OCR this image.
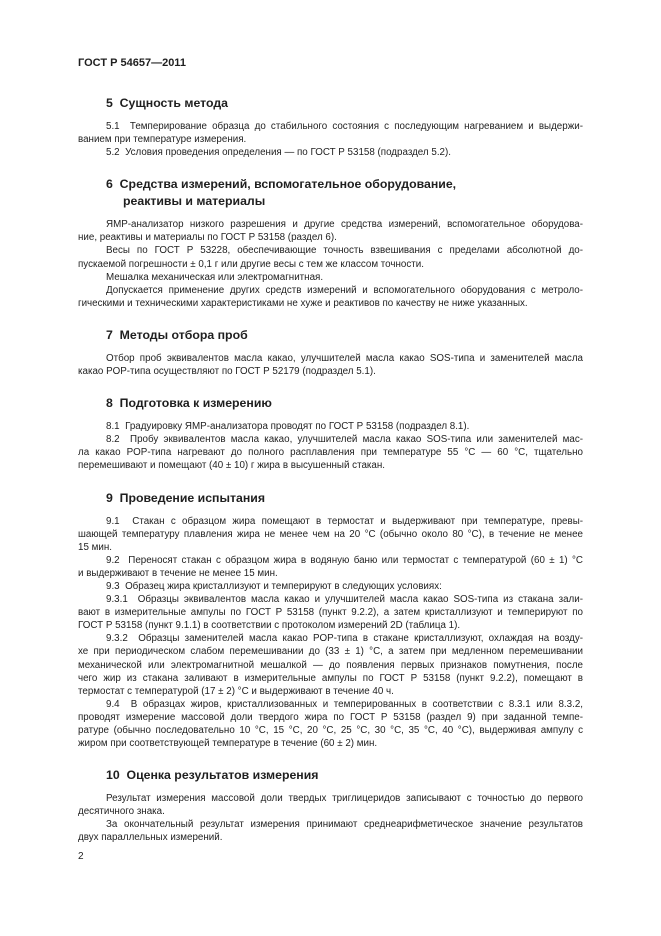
ГОСТ Р 54657—2011
5  Сущность метода
5.1  Темперирование образца до стабильного состояния с последующим нагреванием и выдержи-
ванием при температуре измерения.
5.2  Условия проведения определения — по ГОСТ Р 53158 (подраздел 5.2).
6  Средства измерений, вспомогательное оборудование,
реактивы и материалы
ЯМР-анализатор низкого разрешения и другие средства измерений, вспомогательное оборудова-
ние, реактивы и материалы по ГОСТ Р 53158 (раздел 6).
Весы по ГОСТ Р 53228, обеспечивающие точность взвешивания с пределами абсолютной до-
пускаемой погрешности ± 0,1 г или другие весы с тем же классом точности.
Мешалка механическая или электромагнитная.
Допускается применение других средств измерений и вспомогательного оборудования с метроло-
гическими и техническими характеристиками не хуже и реактивов по качеству не ниже указанных.
7  Методы отбора проб
Отбор проб эквивалентов масла какао, улучшителей масла какао SOS-типа и заменителей масла
какао POP-типа осуществляют по ГОСТ Р 52179 (подраздел 5.1).
8  Подготовка к измерению
8.1  Градуировку ЯМР-анализатора проводят по ГОСТ Р 53158 (подраздел 8.1).
8.2  Пробу эквивалентов масла какао, улучшителей масла какао SOS-типа или заменителей мас-
ла какао POP-типа нагревают до полного расплавления при температуре 55 °С — 60 °С, тщательно
перемешивают и помещают (40 ± 10) г жира в высушенный стакан.
9  Проведение испытания
9.1  Стакан с образцом жира помещают в термостат и выдерживают при температуре, превы-
шающей температуру плавления жира не менее чем на 20 °С (обычно около 80 °С), в течение не менее
15 мин.
9.2  Переносят стакан с образцом жира в водяную баню или термостат с температурой (60 ± 1) °С
и выдерживают в течение не менее 15 мин.
9.3  Образец жира кристаллизуют и темперируют в следующих условиях:
9.3.1  Образцы эквивалентов масла какао и улучшителей масла какао SOS-типа из стакана зали-
вают в измерительные ампулы по ГОСТ Р 53158 (пункт 9.2.2), а затем кристаллизуют и темперируют по
ГОСТ Р 53158 (пункт 9.1.1) в соответствии с протоколом измерений 2D (таблица 1).
9.3.2  Образцы заменителей масла какао POP-типа в стакане кристаллизуют, охлаждая на возду-
хе при периодическом слабом перемешивании до (33 ± 1) °С, а затем при медленном перемешивании
механической или электромагнитной мешалкой — до появления первых признаков помутнения, после
чего жир из стакана заливают в измерительные ампулы по ГОСТ Р 53158 (пункт 9.2.2), помещают в
термостат с температурой (17 ± 2) °С и выдерживают в течение 40 ч.
9.4  В образцах жиров, кристаллизованных и темперированных в соответствии с 8.3.1 или 8.3.2,
проводят измерение массовой доли твердого жира по ГОСТ Р 53158 (раздел 9) при заданной темпе-
ратуре (обычно последовательно 10 °С, 15 °С, 20 °С, 25 °С, 30 °С, 35 °С, 40 °С), выдерживая ампулу с
жиром при соответствующей температуре в течение (60 ± 2) мин.
10  Оценка результатов измерения
Результат измерения массовой доли твердых триглицеридов записывают с точностью до первого
десятичного знака.
За окончательный результат измерения принимают среднеарифметическое значение результатов
двух параллельных измерений.
2
